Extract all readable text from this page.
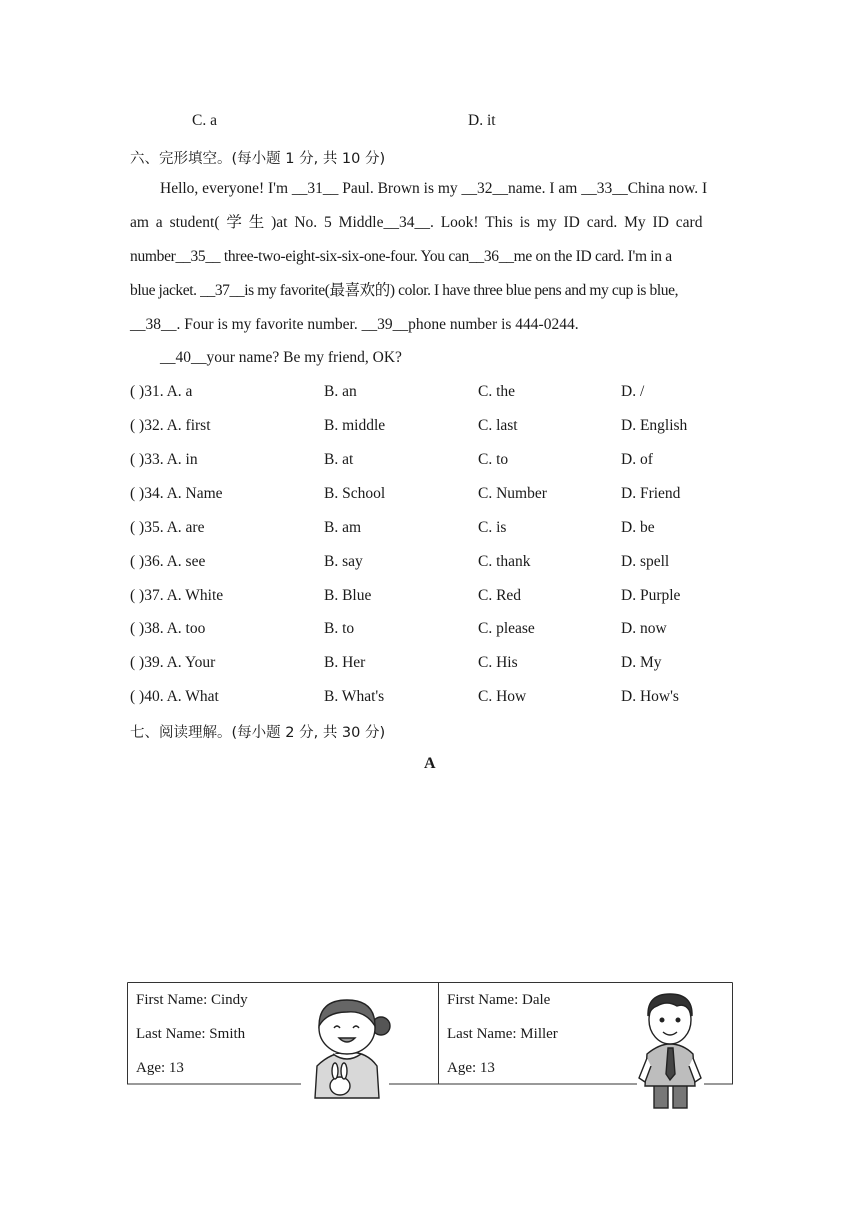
C. a	D. it
六、完形填空。(每小题 1 分, 共 10 分)
Hello, everyone! I'm __31__ Paul. Brown is my __32__name. I am __33__China now. I
am a student( 学 生 )at No. 5 Middle__34__. Look! This is my ID card. My ID card
number__35__ three‑two‑eight‑six‑six‑one‑four. You can__36__me on the ID card. I'm in a
blue jacket. __37__is my favorite(最喜欢的) color. I have three blue pens and my cup is blue,
__38__. Four is my favorite number. __39__phone number is 444‑0244.
__40__your name? Be my friend, OK?
( )31. A. a	B. an	C. the	D. /
( )32. A. first	B. middle	C. last	D. English
( )33. A. in	B. at	C. to	D. of
( )34. A. Name	B. School	C. Number	D. Friend
( )35. A. are	B. am	C. is	D. be
( )36. A. see	B. say	C. thank	D. spell
( )37. A. White	B. Blue	C. Red	D. Purple
( )38. A. too	B. to	C. please	D. now
( )39. A. Your	B. Her	C. His	D. My
( )40. A. What	B. What's	C. How	D. How's
七、阅读理解。(每小题 2 分, 共 30 分)
A
First Name: Cindy
Last Name: Smith
Age: 13
First Name: Dale
Last Name: Miller
Age: 13
